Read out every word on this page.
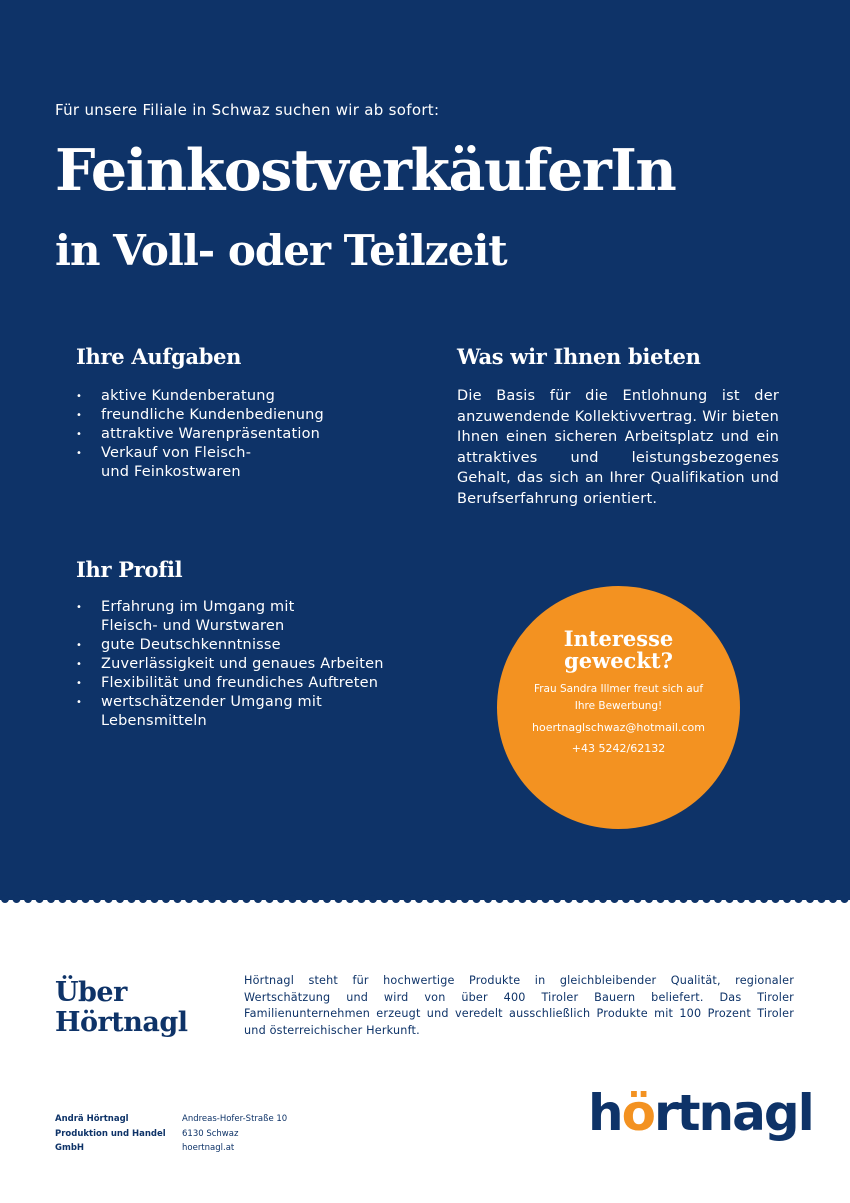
Für unsere Filiale in Schwaz suchen wir ab sofort:
FeinkostverkäuferIn
in Voll- oder Teilzeit
Ihre Aufgaben
• aktive Kundenberatung
• freundliche Kundenbedienung
• attraktive Warenpräsentation
• Verkauf von Fleisch-
und Feinkostwaren
Was wir Ihnen bieten
Die Basis für die Entlohnung ist der anzuwendende Kollektivvertrag. Wir bieten Ihnen einen sicheren Arbeitsplatz und ein attraktives und leistungsbezogenes Gehalt, das sich an Ihrer Qualifikation und Berufserfahrung orientiert.
Ihr Profil
• Erfahrung im Umgang mit
Fleisch- und Wurstwaren
• gute Deutschkenntnisse
• Zuverlässigkeit und genaues Arbeiten
• Flexibilität und freundiches Auftreten
• wertschätzender Umgang mit
Lebensmitteln
Interesse
geweckt?
Frau Sandra Illmer freut sich auf
Ihre Bewerbung!
hoertnaglschwaz@hotmail.com
+43 5242/62132
Über
Hörtnagl
Hörtnagl steht für hochwertige Produkte in gleichbleibender Qualität, regionaler Wertschätzung und wird von über 400 Tiroler Bauern beliefert. Das Tiroler Familienunternehmen erzeugt und veredelt ausschließlich Produkte mit 100 Prozent Tiroler und österreichischer Herkunft.
Andrä Hörtnagl
Produktion und Handel
GmbH
Andreas-Hofer-Straße 10
6130 Schwaz
hoertnagl.at
hörtnagl
